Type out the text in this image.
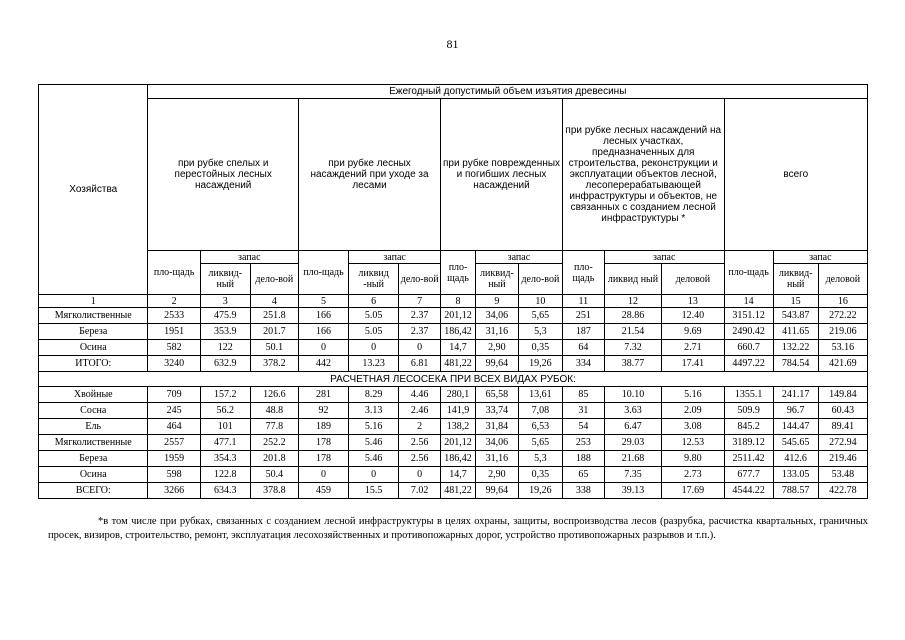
81
Хозяйства	Ежегодный допустимый объем изъятия древесины														
	при рубке спелых и перестойных лесных насаждений			при рубке лесных насаждений при уходе за лесами			при рубке поврежденных и погибших лесных насаждений			при рубке лесных насаждений на лесных участках, предназначенных для строительства, реконструкции и эксплуатации объектов лесной, лесоперерабатывающей инфраструктуры и объектов, не связанных с созданием лесной инфраструктуры *			всего		
	пло-щадь	запас		пло-щадь	запас		пло-щадь	запас		пло-щадь	запас		пло-щадь	запас	
		ликвид-ный	дело-вой		ликвид -ный	дело-вой		ликвид-ный	дело-вой		ликвид ный	деловой		ликвид-ный	деловой
1	2	3	4	5	6	7	8	9	10	11	12	13	14	15	16
Мягколиственные	2533	475.9	251.8	166	5.05	2.37	201,12	34,06	5,65	251	28.86	12.40	3151.12	543.87	272.22
Береза	1951	353.9	201.7	166	5.05	2.37	186,42	31,16	5,3	187	21.54	9.69	2490.42	411.65	219.06
Осина	582	122	50.1	0	0	0	14,7	2,90	0,35	64	7.32	2.71	660.7	132.22	53.16
ИТОГО:	3240	632.9	378.2	442	13.23	6.81	481,22	99,64	19,26	334	38.77	17.41	4497.22	784.54	421.69
РАСЧЕТНАЯ ЛЕСОСЕКА ПРИ ВСЕХ ВИДАХ РУБОК:															
Хвойные	709	157.2	126.6	281	8.29	4.46	280,1	65,58	13,61	85	10.10	5.16	1355.1	241.17	149.84
Сосна	245	56.2	48.8	92	3.13	2.46	141,9	33,74	7,08	31	3.63	2.09	509.9	96.7	60.43
Ель	464	101	77.8	189	5.16	2	138,2	31,84	6,53	54	6.47	3.08	845.2	144.47	89.41
Мягколиственные	2557	477.1	252.2	178	5.46	2.56	201,12	34,06	5,65	253	29.03	12.53	3189.12	545.65	272.94
Береза	1959	354.3	201.8	178	5.46	2.56	186,42	31,16	5,3	188	21.68	9.80	2511.42	412.6	219.46
Осина	598	122.8	50.4	0	0	0	14,7	2,90	0,35	65	7.35	2.73	677.7	133.05	53.48
ВСЕГО:	3266	634.3	378.8	459	15.5	7.02	481,22	99,64	19,26	338	39.13	17.69	4544.22	788.57	422.78

*в том числе при рубках, связанных с созданием лесной инфраструктуры в целях охраны, защиты, воспроизводства лесов (разрубка, расчистка квартальных, граничных просек, визиров, строительство, ремонт, эксплуатация лесохозяйственных и противопожарных дорог, устройство противопожарных разрывов и т.п.).
